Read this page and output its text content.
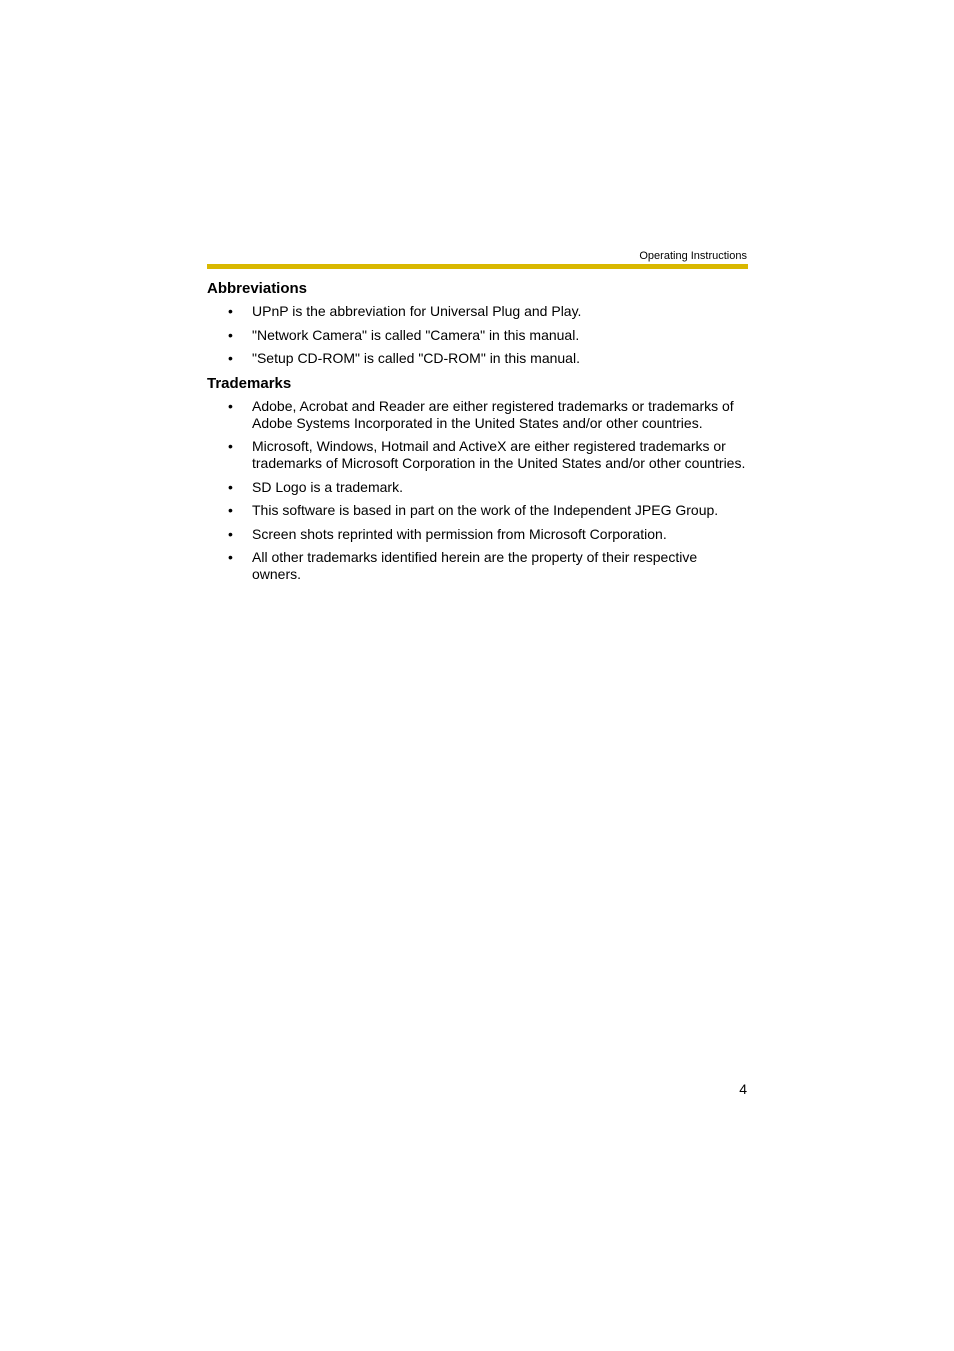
Operating Instructions
Abbreviations
• UPnP is the abbreviation for Universal Plug and Play.
• "Network Camera" is called "Camera" in this manual.
• "Setup CD-ROM" is called "CD-ROM" in this manual.
Trademarks
• Adobe, Acrobat and Reader are either registered trademarks or trademarks of Adobe Systems Incorporated in the United States and/or other countries.
• Microsoft, Windows, Hotmail and ActiveX are either registered trademarks or trademarks of Microsoft Corporation in the United States and/or other countries.
• SD Logo is a trademark.
• This software is based in part on the work of the Independent JPEG Group.
• Screen shots reprinted with permission from Microsoft Corporation.
• All other trademarks identified herein are the property of their respective owners.
4
